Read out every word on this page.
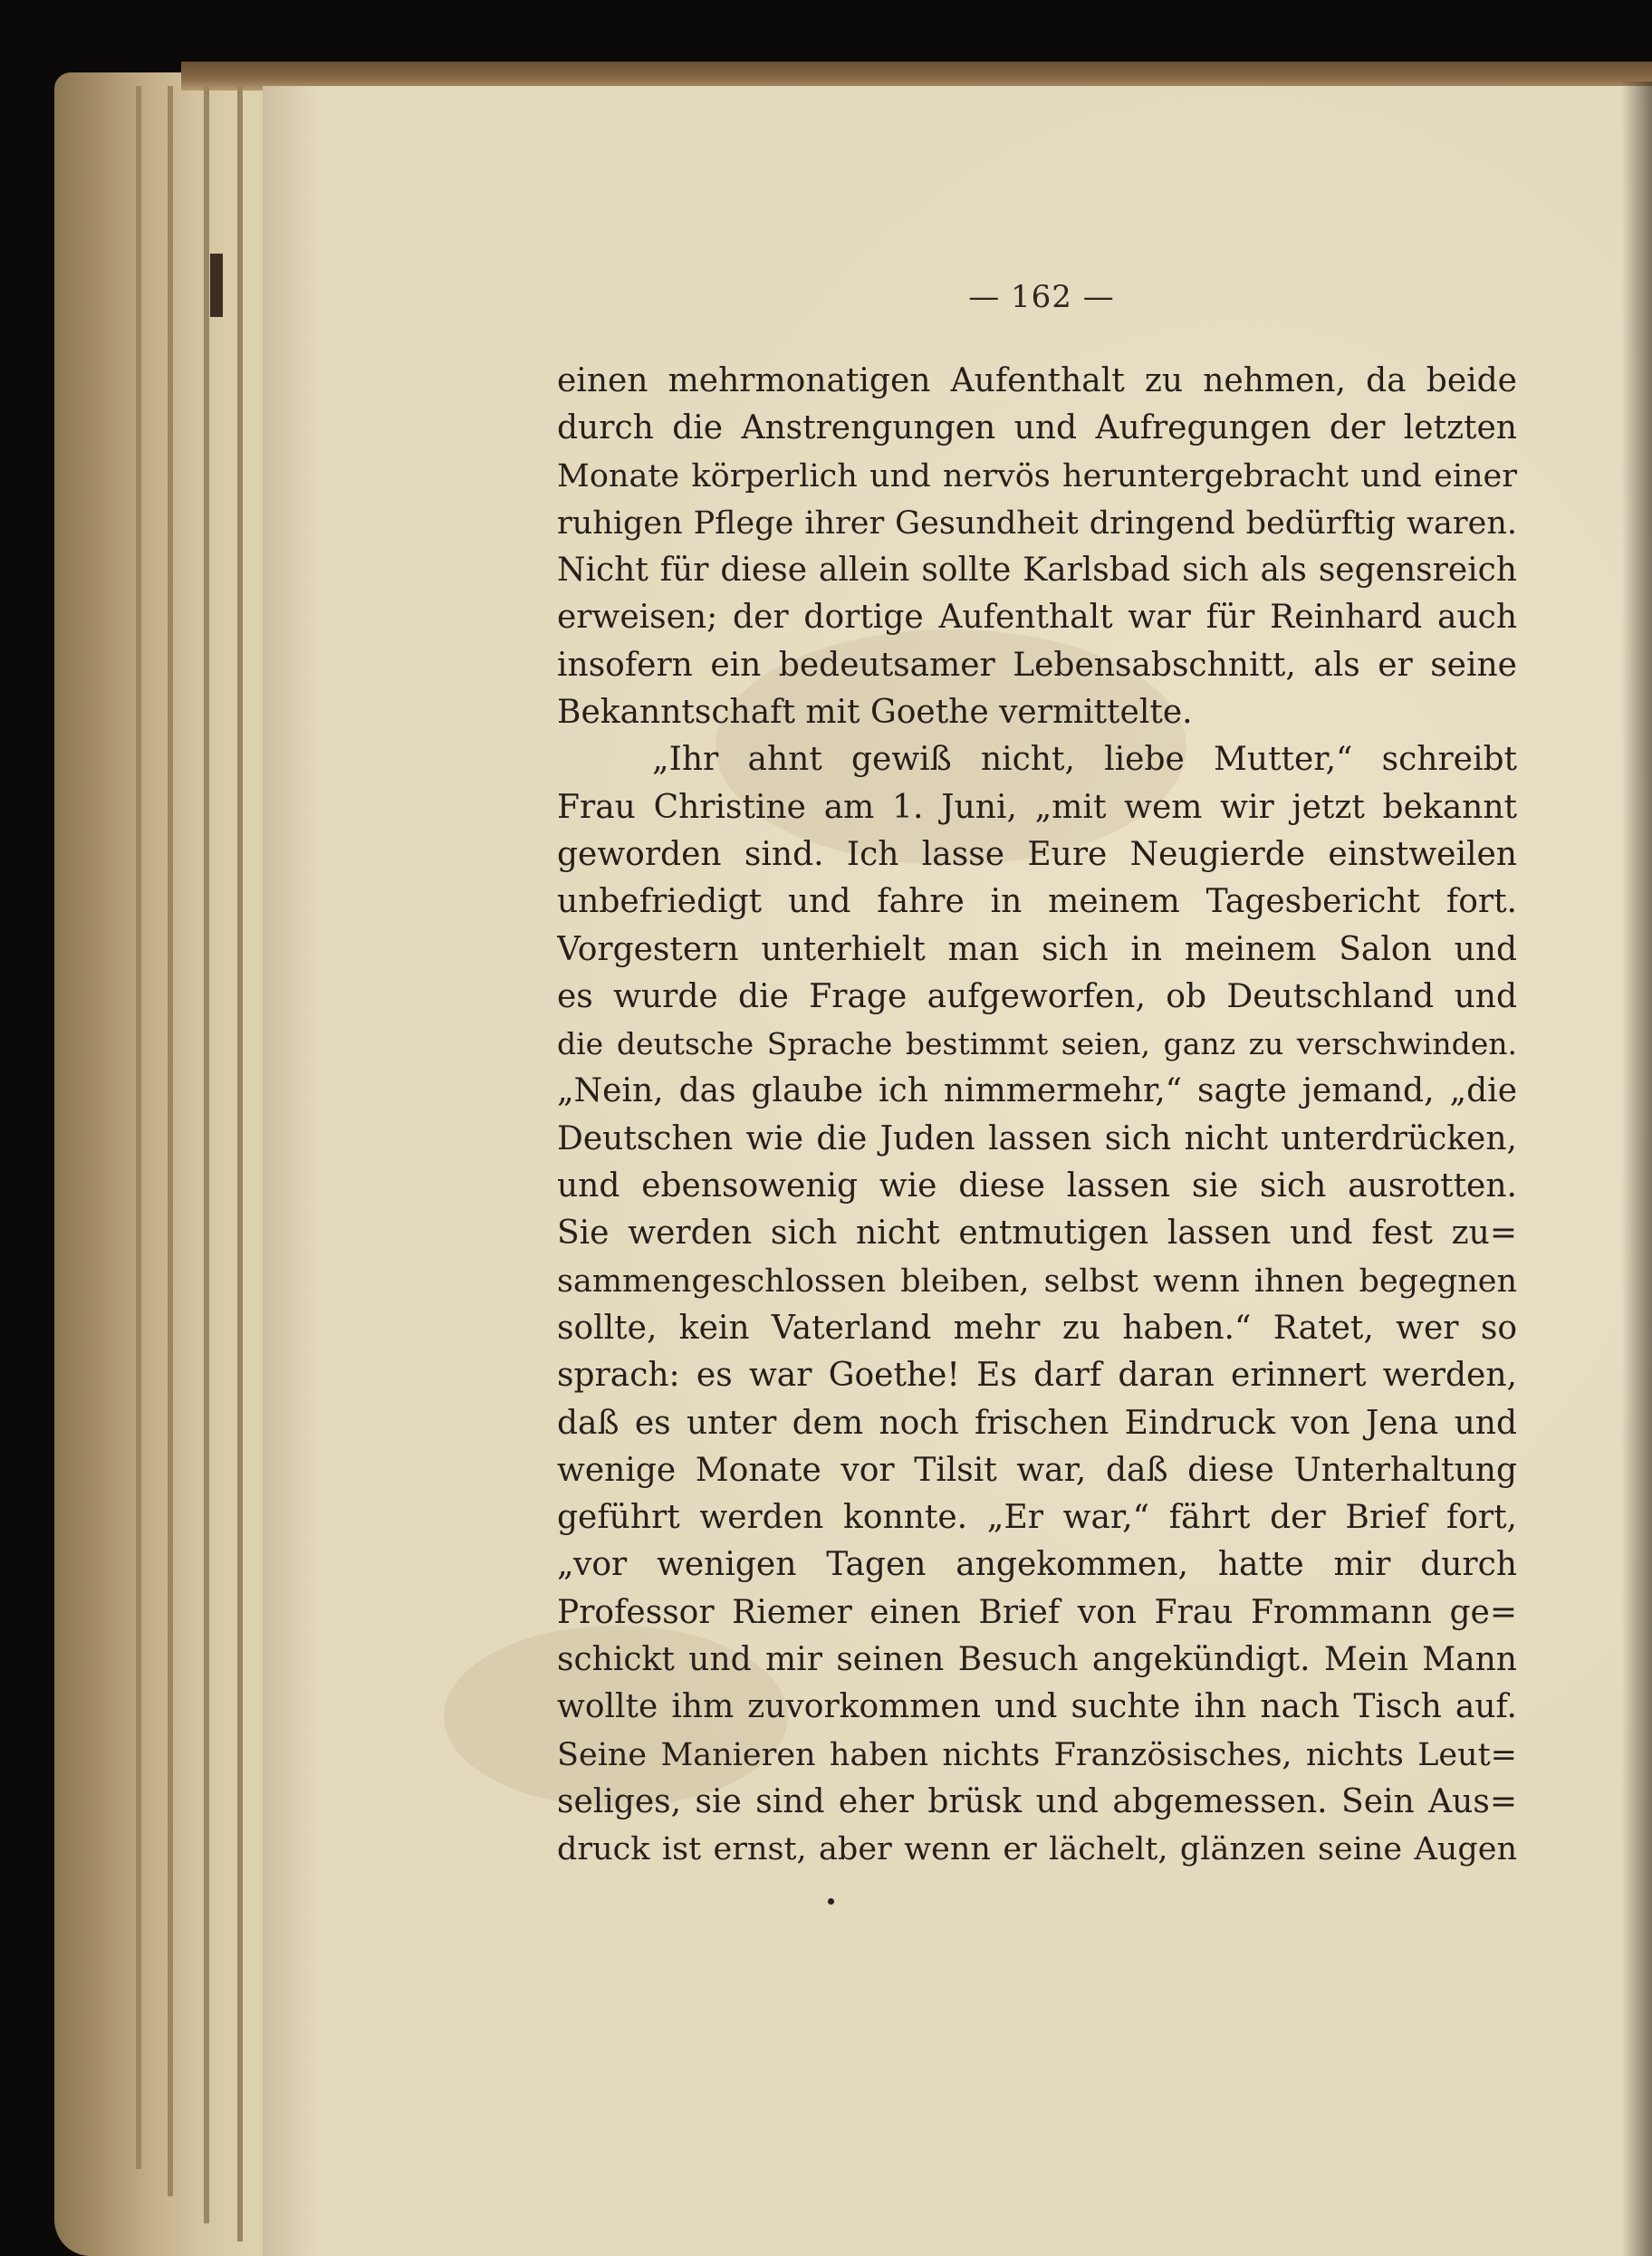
— 162 —
einen mehrmonatigen Aufenthalt zu nehmen, da beide
durch die Anstrengungen und Aufregungen der letzten
Monate körperlich und nervös heruntergebracht und einer
ruhigen Pflege ihrer Gesundheit dringend bedürftig waren.
Nicht für diese allein sollte Karlsbad sich als segensreich
erweisen; der dortige Aufenthalt war für Reinhard auch
insofern ein bedeutsamer Lebensabschnitt, als er seine
Bekanntschaft mit Goethe vermittelte.
„Ihr ahnt gewiß nicht, liebe Mutter,“ schreibt
Frau Christine am 1. Juni, „mit wem wir jetzt bekannt
geworden sind. Ich lasse Eure Neugierde einstweilen
unbefriedigt und fahre in meinem Tagesbericht fort.
Vorgestern unterhielt man sich in meinem Salon und
es wurde die Frage aufgeworfen, ob Deutschland und
die deutsche Sprache bestimmt seien, ganz zu verschwinden.
„Nein, das glaube ich nimmermehr,“ sagte jemand, „die
Deutschen wie die Juden lassen sich nicht unterdrücken,
und ebensowenig wie diese lassen sie sich ausrotten.
Sie werden sich nicht entmutigen lassen und fest zu=
sammengeschlossen bleiben, selbst wenn ihnen begegnen
sollte, kein Vaterland mehr zu haben.“ Ratet, wer so
sprach: es war Goethe! Es darf daran erinnert werden,
daß es unter dem noch frischen Eindruck von Jena und
wenige Monate vor Tilsit war, daß diese Unterhaltung
geführt werden konnte. „Er war,“ fährt der Brief fort,
„vor wenigen Tagen angekommen, hatte mir durch
Professor Riemer einen Brief von Frau Frommann ge=
schickt und mir seinen Besuch angekündigt. Mein Mann
wollte ihm zuvorkommen und suchte ihn nach Tisch auf.
Seine Manieren haben nichts Französisches, nichts Leut=
seliges, sie sind eher brüsk und abgemessen. Sein Aus=
druck ist ernst, aber wenn er lächelt, glänzen seine Augen
